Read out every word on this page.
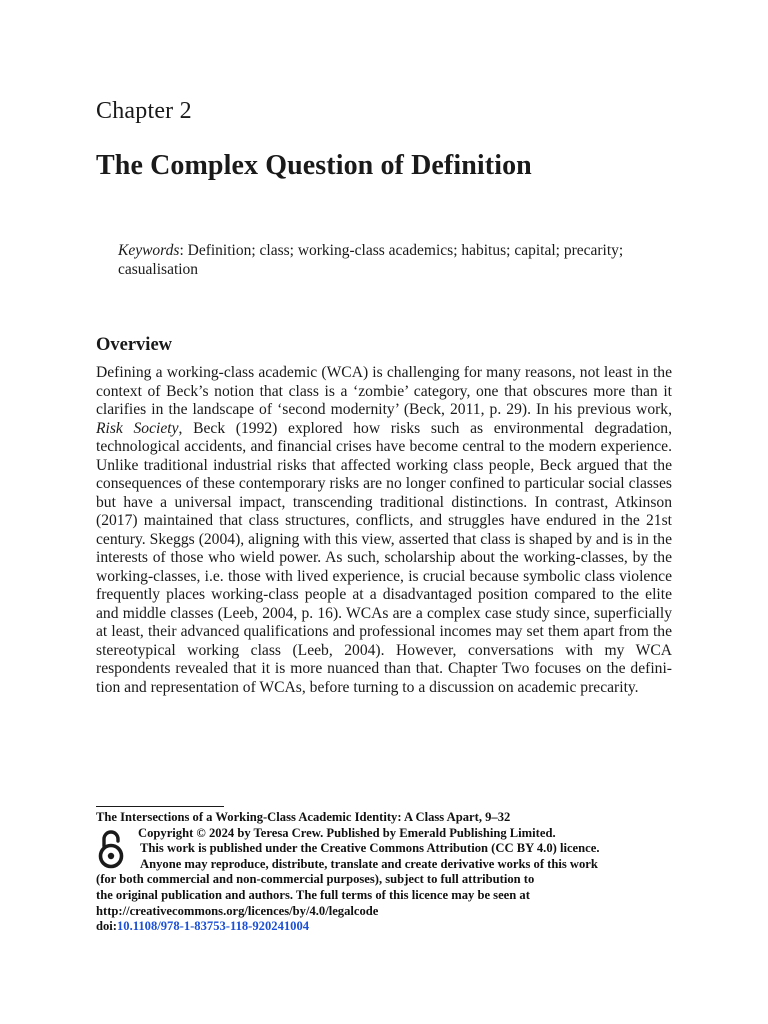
Chapter 2
The Complex Question of Definition

Keywords: Definition; class; working-class academics; habitus; capital; precarity; casualisation

Overview

Defining a working-class academic (WCA) is challenging for many reasons, not least in the context of Beck’s notion that class is a ‘zombie’ category, one that obscures more than it clarifies in the landscape of ‘second modernity’ (Beck, 2011, p. 29). In his previous work, Risk Society, Beck (1992) explored how risks such as environmental degradation, technological accidents, and financial crises have become central to the modern experience. Unlike traditional industrial risks that affected working class people, Beck argued that the consequences of these contemporary risks are no longer confined to particular social classes but have a universal impact, transcending traditional distinctions. In contrast, Atkinson (2017) maintained that class structures, conflicts, and struggles have endured in the 21st century. Skeggs (2004), aligning with this view, asserted that class is shaped by and is in the interests of those who wield power. As such, scholarship about the working-classes, by the working-classes, i.e. those with lived experience, is crucial because symbolic class violence frequently places working-class people at a disadvantaged position compared to the elite and middle classes (Leeb, 2004, p. 16). WCAs are a complex case study since, superficially at least, their advanced qualifications and professional incomes may set them apart from the stereotypical working class (Leeb, 2004). However, conversations with my WCA respondents revealed that it is more nuanced than that. Chapter Two focuses on the defini-tion and representation of WCAs, before turning to a discussion on academic precarity.

The Intersections of a Working-Class Academic Identity: A Class Apart, 9–32
Copyright © 2024 by Teresa Crew. Published by Emerald Publishing Limited.
This work is published under the Creative Commons Attribution (CC BY 4.0) licence.
Anyone may reproduce, distribute, translate and create derivative works of this work
(for both commercial and non-commercial purposes), subject to full attribution to
the original publication and authors. The full terms of this licence may be seen at
http://creativecommons.org/licences/by/4.0/legalcode
doi:10.1108/978-1-83753-118-920241004
